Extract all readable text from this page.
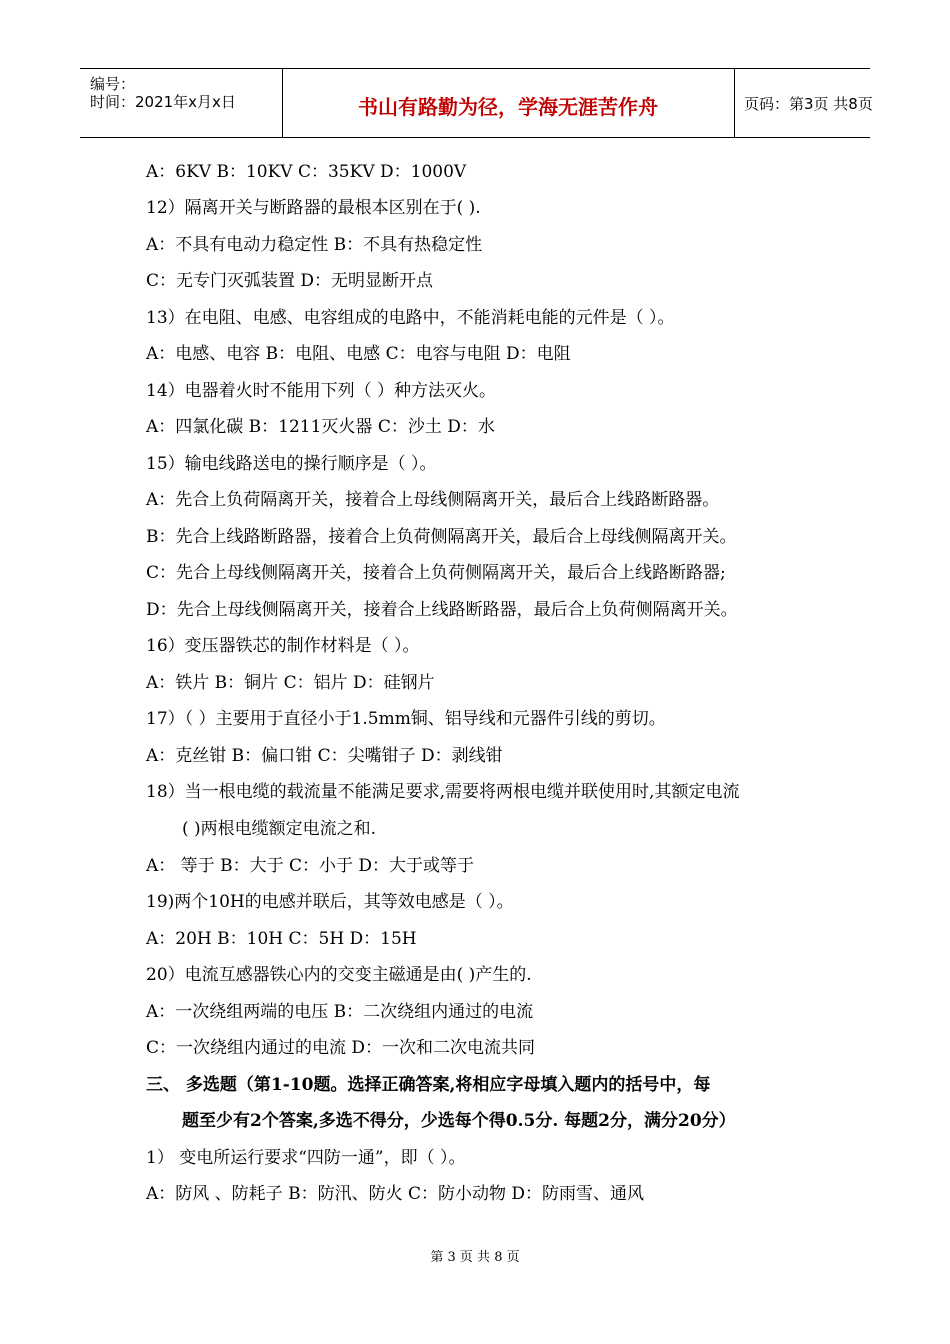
编号：
时间：2021年x月x日	书山有路勤为径，学海无涯苦作舟	页码：第3页 共8页
A：6KV B：10KV C：35KV D：1000V
12）隔离开关与断路器的最根本区别在于( ).
A：不具有电动力稳定性 B：不具有热稳定性
C：无专门灭弧装置 D：无明显断开点
13）在电阻、电感、电容组成的电路中，不能消耗电能的元件是（ ）。
A：电感、电容 B：电阻、电感 C：电容与电阻 D：电阻
14）电器着火时不能用下列（ ）种方法灭火。
A：四氯化碳 B：1211灭火器 C：沙土 D：水
15）输电线路送电的操行顺序是（ ）。
A：先合上负荷隔离开关，接着合上母线侧隔离开关，最后合上线路断路器。
B：先合上线路断路器，接着合上负荷侧隔离开关，最后合上母线侧隔离开关。
C：先合上母线侧隔离开关，接着合上负荷侧隔离开关，最后合上线路断路器;
D：先合上母线侧隔离开关，接着合上线路断路器，最后合上负荷侧隔离开关。
16）变压器铁芯的制作材料是（ ）。
A：铁片 B：铜片 C：铝片 D：硅钢片
17）（ ）主要用于直径小于1.5mm铜、铝导线和元器件引线的剪切。
A：克丝钳 B：偏口钳 C：尖嘴钳子 D：剥线钳
18）当一根电缆的载流量不能满足要求,需要将两根电缆并联使用时,其额定电流
( )两根电缆额定电流之和.
A： 等于 B：大于 C：小于 D：大于或等于
19)两个10H的电感并联后，其等效电感是（ ）。
A：20H B：10H C：5H D：15H
20）电流互感器铁心内的交变主磁通是由( )产生的.
A：一次绕组两端的电压 B：二次绕组内通过的电流
C：一次绕组内通过的电流 D：一次和二次电流共同
三、 多选题（第1-10题。选择正确答案,将相应字母填入题内的括号中，每
题至少有2个答案,多选不得分，少选每个得0.5分. 每题2分，满分20分）
1） 变电所运行要求“四防一通”，即（ ）。
A：防风 、防耗子 B：防汛、防火 C：防小动物 D：防雨雪、通风
第 3 页 共 8 页
